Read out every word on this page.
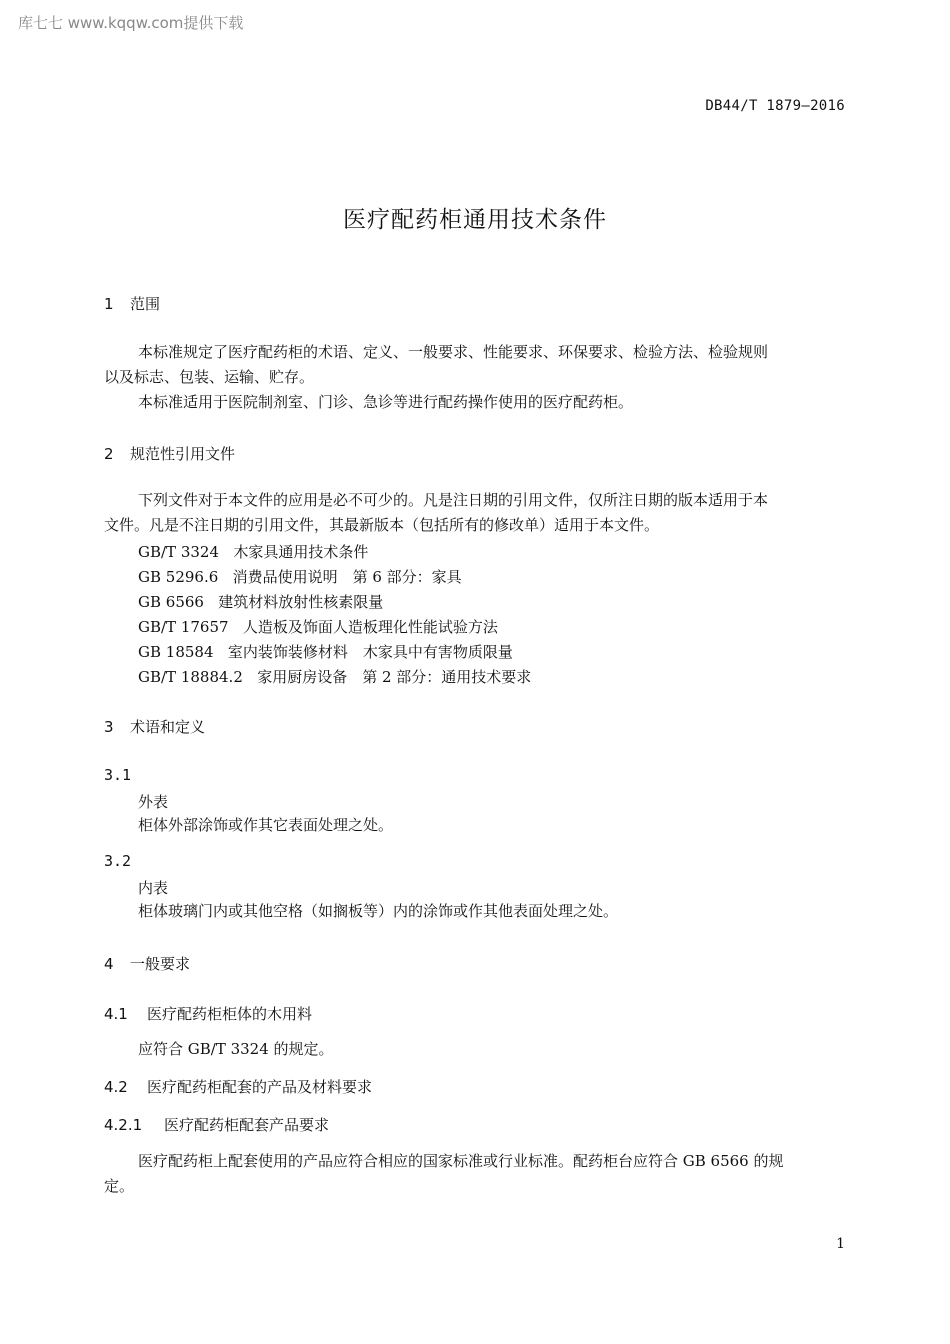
库七七 www.kqqw.com提供下载
DB44/T 1879—2016
医疗配药柜通用技术条件
1 范围
本标准规定了医疗配药柜的术语、定义、一般要求、性能要求、环保要求、检验方法、检验规则
以及标志、包装、运输、贮存。
本标准适用于医院制剂室、门诊、急诊等进行配药操作使用的医疗配药柜。
2 规范性引用文件
下列文件对于本文件的应用是必不可少的。凡是注日期的引用文件，仅所注日期的版本适用于本
文件。凡是不注日期的引用文件，其最新版本（包括所有的修改单）适用于本文件。
GB/T 3324 木家具通用技术条件
GB 5296.6 消费品使用说明　第 6 部分：家具
GB 6566 建筑材料放射性核素限量
GB/T 17657 人造板及饰面人造板理化性能试验方法
GB 18584 室内装饰装修材料　木家具中有害物质限量
GB/T 18884.2 家用厨房设备　第 2 部分：通用技术要求
3 术语和定义
3.1
外表
柜体外部涂饰或作其它表面处理之处。
3.2
内表
柜体玻璃门内或其他空格（如搁板等）内的涂饰或作其他表面处理之处。
4 一般要求
4.1 医疗配药柜柜体的木用料
应符合 GB/T 3324 的规定。
4.2 医疗配药柜配套的产品及材料要求
4.2.1 医疗配药柜配套产品要求
医疗配药柜上配套使用的产品应符合相应的国家标准或行业标准。配药柜台应符合 GB 6566 的规
定。
1
